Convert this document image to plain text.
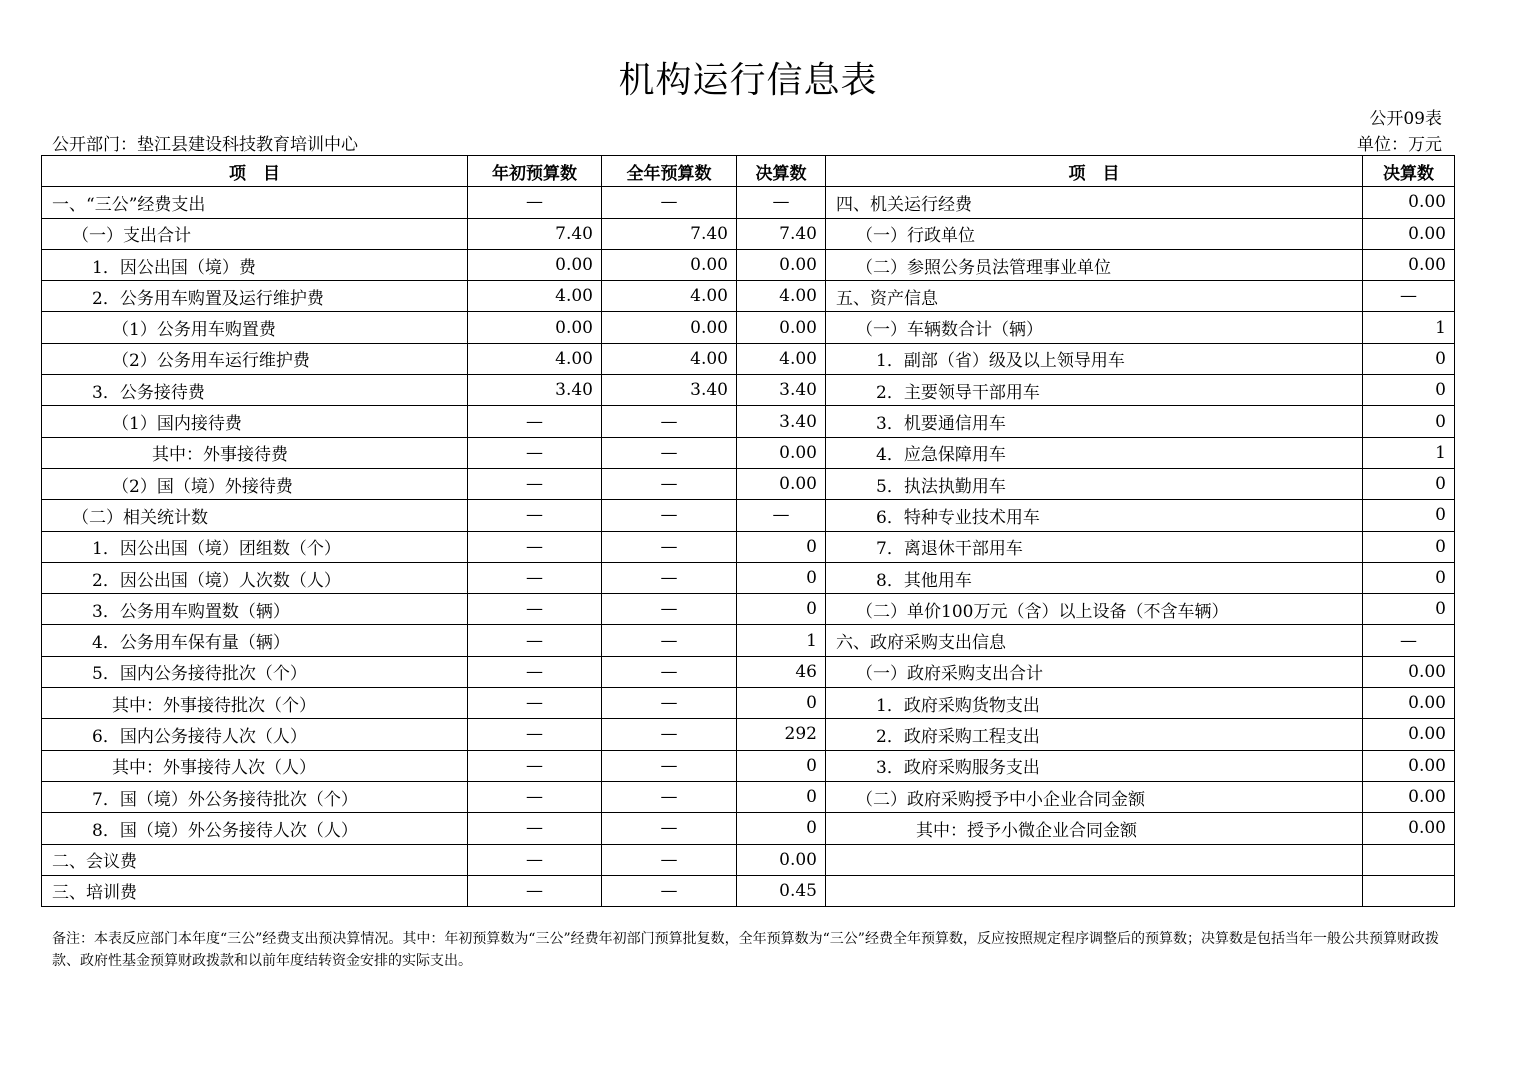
机构运行信息表
公开09表
公开部门：垫江县建设科技教育培训中心	单位：万元
项　目	年初预算数	全年预算数	决算数	项　目	决算数
一、“三公”经费支出	—	—	—	四、机关运行经费	0.00
（一）支出合计	7.40	7.40	7.40	（一）行政单位	0.00
1．因公出国（境）费	0.00	0.00	0.00	（二）参照公务员法管理事业单位	0.00
2．公务用车购置及运行维护费	4.00	4.00	4.00	五、资产信息	—
（1）公务用车购置费	0.00	0.00	0.00	（一）车辆数合计（辆）	1
（2）公务用车运行维护费	4.00	4.00	4.00	1．副部（省）级及以上领导用车	0
3．公务接待费	3.40	3.40	3.40	2．主要领导干部用车	0
（1）国内接待费	—	—	3.40	3．机要通信用车	0
其中：外事接待费	—	—	0.00	4．应急保障用车	1
（2）国（境）外接待费	—	—	0.00	5．执法执勤用车	0
（二）相关统计数	—	—	—	6．特种专业技术用车	0
1．因公出国（境）团组数（个）	—	—	0	7．离退休干部用车	0
2．因公出国（境）人次数（人）	—	—	0	8．其他用车	0
3．公务用车购置数（辆）	—	—	0	（二）单价100万元（含）以上设备（不含车辆）	0
4．公务用车保有量（辆）	—	—	1	六、政府采购支出信息	—
5．国内公务接待批次（个）	—	—	46	（一）政府采购支出合计	0.00
其中：外事接待批次（个）	—	—	0	1．政府采购货物支出	0.00
6．国内公务接待人次（人）	—	—	292	2．政府采购工程支出	0.00
其中：外事接待人次（人）	—	—	0	3．政府采购服务支出	0.00
7．国（境）外公务接待批次（个）	—	—	0	（二）政府采购授予中小企业合同金额	0.00
8．国（境）外公务接待人次（人）	—	—	0	其中：授予小微企业合同金额	0.00
二、会议费	—	—	0.00		
三、培训费	—	—	0.45		
备注：本表反应部门本年度“三公”经费支出预决算情况。其中：年初预算数为“三公”经费年初部门预算批复数，全年预算数为“三公”经费全年预算数，反应按照规定程序调整后的预算数；决算数是包括当年一般公共预算财政拨款、政府性基金预算财政拨款和以前年度结转资金安排的实际支出。
